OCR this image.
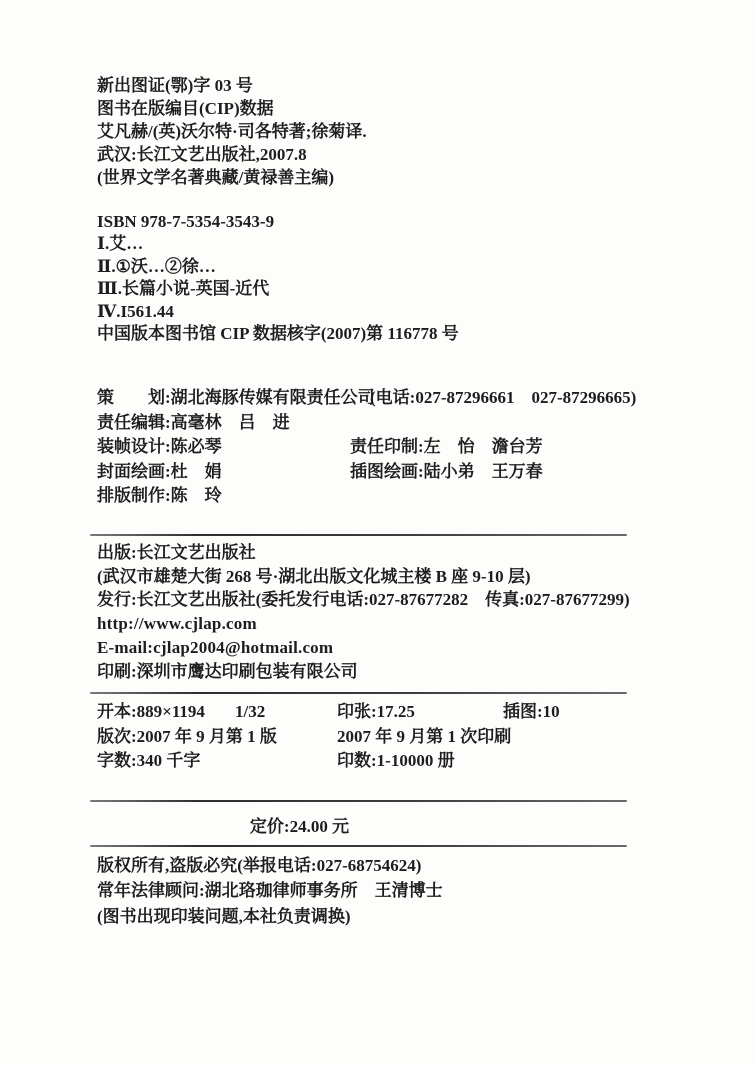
新出图证(鄂)字 03 号
图书在版编目(CIP)数据
艾凡赫/(英)沃尔特·司各特著;徐菊译.
武汉:长江文艺出版社,2007.8
(世界文学名著典藏/黄禄善主编)
ISBN 978-7-5354-3543-9
Ⅰ.艾…
Ⅱ.①沃…②徐…
Ⅲ.长篇小说-英国-近代
Ⅳ.I561.44
中国版本图书馆 CIP 数据核字(2007)第 116778 号
策　　划:湖北海豚传媒有限责任公司
(电话:027-87296661　027-87296665)
责任编辑:高毫林　吕　进
装帧设计:陈必琴	责任印制:左　怡　澹台芳
封面绘画:杜　娟	插图绘画:陆小弟　王万春
排版制作:陈　玲
出版:长江文艺出版社
(武汉市雄楚大街 268 号·湖北出版文化城主楼 B 座 9-10 层)
发行:长江文艺出版社(委托发行电话:027-87677282　传真:027-87677299)
http://www.cjlap.com
E-mail:cjlap2004@hotmail.com
印刷:深圳市鹰达印刷包装有限公司
开本:889×1194 1/32	印张:17.25	插图:10
版次:2007 年 9 月第 1 版	2007 年 9 月第 1 次印刷
字数:340 千字	印数:1-10000 册
定价:24.00 元
版权所有,盗版必究(举报电话:027-68754624)
常年法律顾问:湖北珞珈律师事务所　王清博士
(图书出现印装问题,本社负责调换)
